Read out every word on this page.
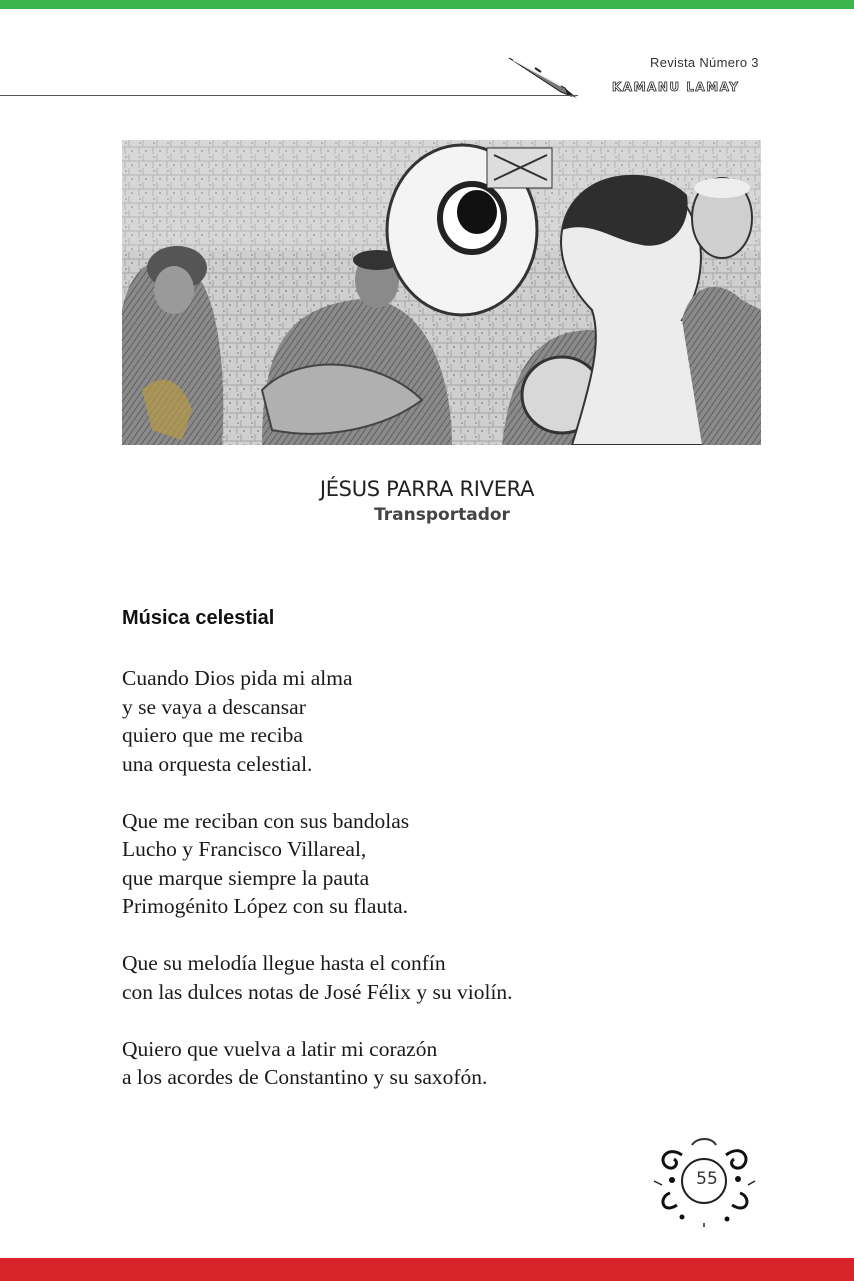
Revista Número 3
KAMANU LAMAY
JÉSUS PARRA RIVERA
Transportador
Música celestial
Cuando Dios pida mi alma
y se vaya a descansar
quiero que me reciba
una orquesta celestial.
Que me reciban con sus bandolas
Lucho y Francisco Villareal,
que marque siempre la pauta
Primogénito López con su flauta.
Que su melodía llegue hasta el confín
con las dulces notas de José Félix y su violín.
Quiero que vuelva a latir mi corazón
a los acordes de Constantino y su saxofón.
55
